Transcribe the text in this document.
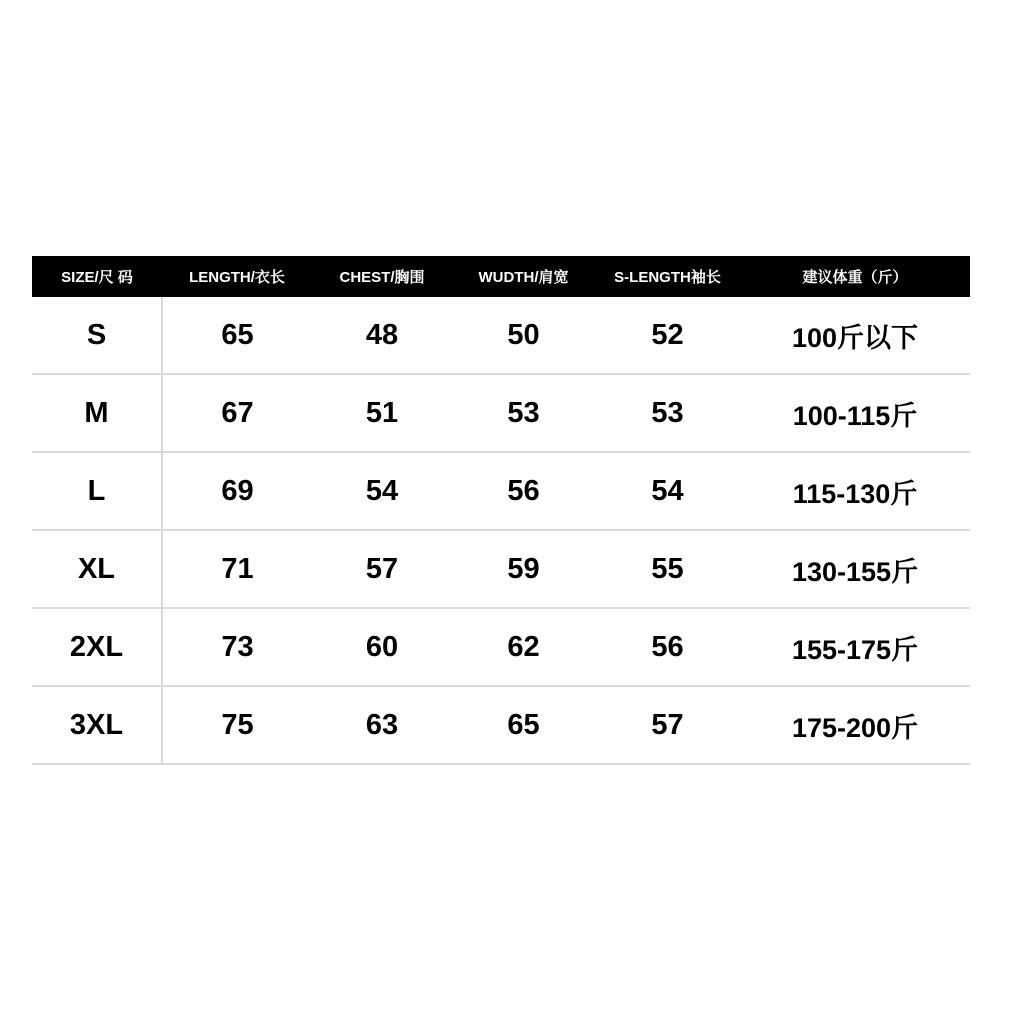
SIZE/尺 码	LENGTH/衣长	CHEST/胸围	WUDTH/肩宽	S-LENGTH袖长	建议体重（斤）
S	65	48	50	52	100斤以下
M	67	51	53	53	100-115斤
L	69	54	56	54	115-130斤
XL	71	57	59	55	130-155斤
2XL	73	60	62	56	155-175斤
3XL	75	63	65	57	175-200斤
